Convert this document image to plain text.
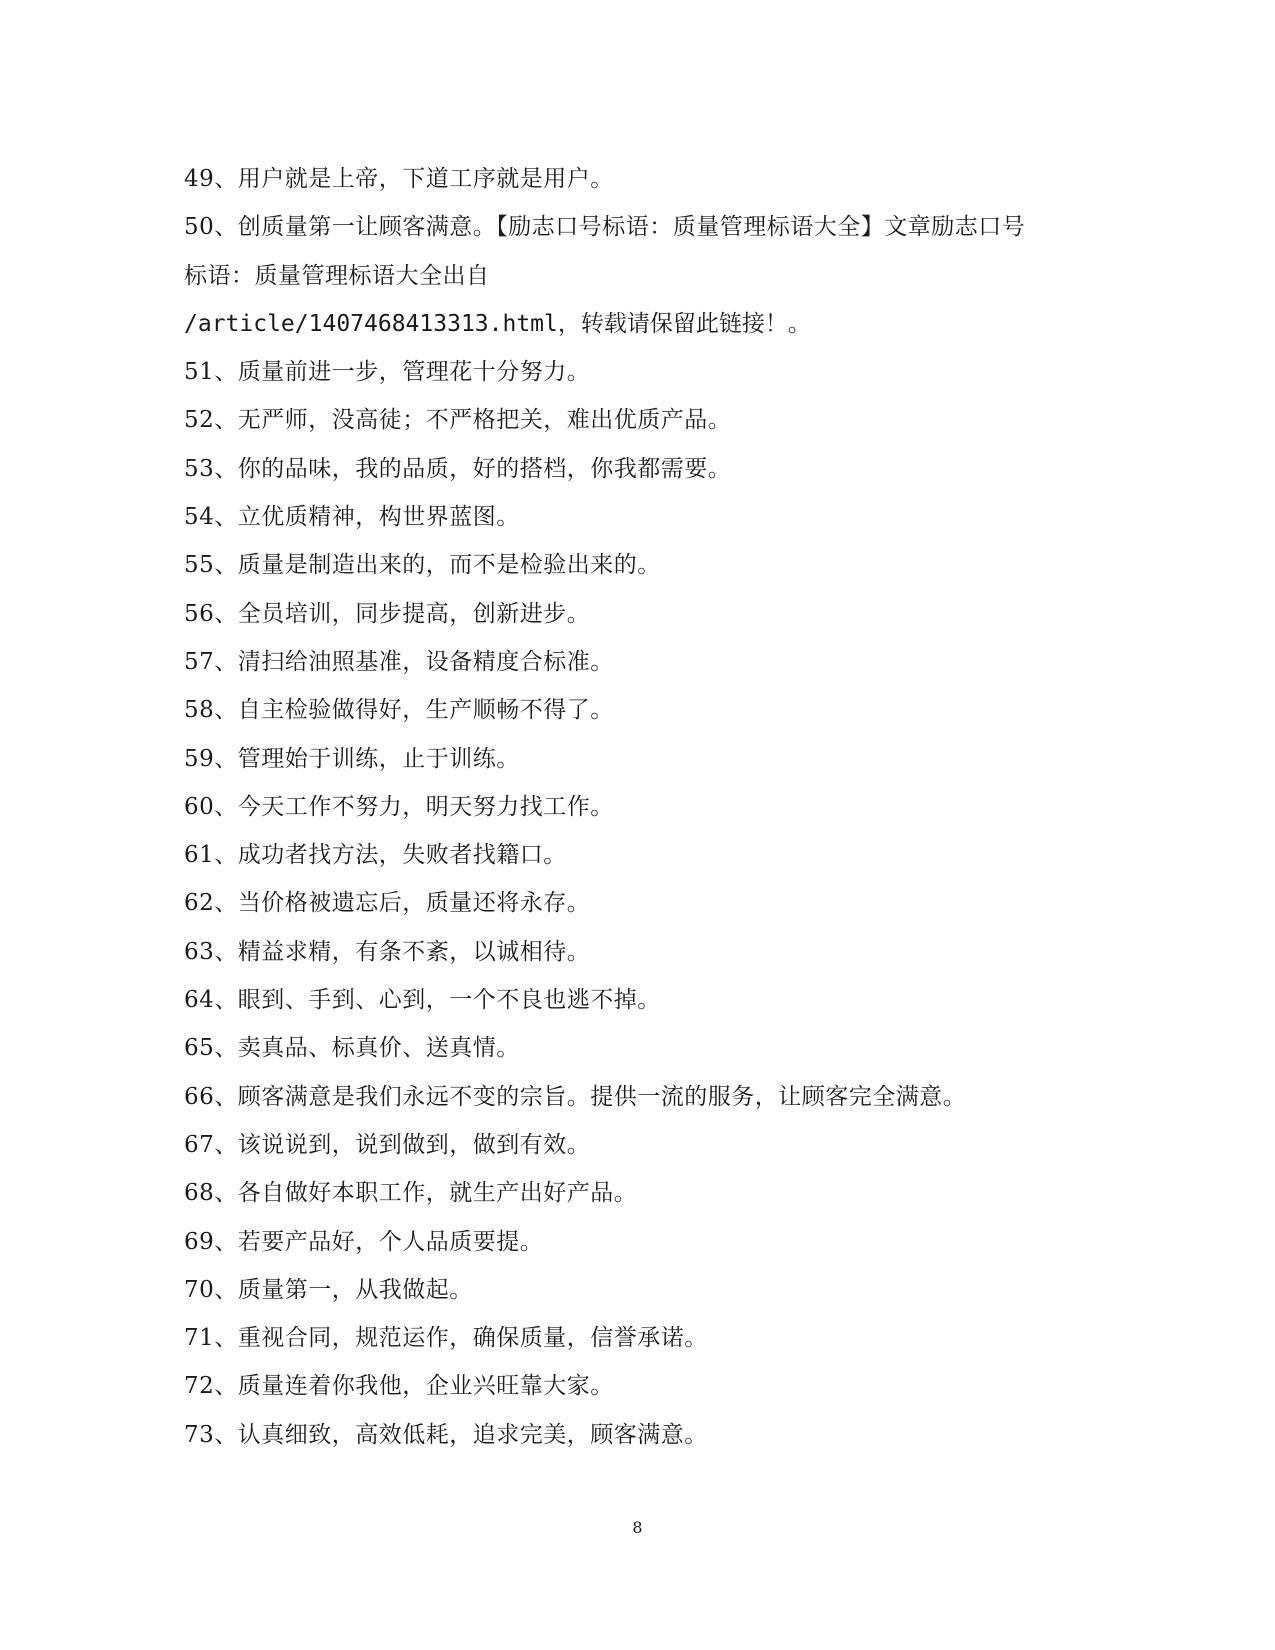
49、用户就是上帝，下道工序就是用户。
50、创质量第一让顾客满意。【励志口号标语：质量管理标语大全】文章励志口号
标语：质量管理标语大全出自
/article/1407468413313.html，转载请保留此链接！。
51、质量前进一步，管理花十分努力。
52、无严师，没高徒；不严格把关，难出优质产品。
53、你的品味，我的品质，好的搭档，你我都需要。
54、立优质精神，构世界蓝图。
55、质量是制造出来的，而不是检验出来的。
56、全员培训，同步提高，创新进步。
57、清扫给油照基准，设备精度合标准。
58、自主检验做得好，生产顺畅不得了。
59、管理始于训练，止于训练。
60、今天工作不努力，明天努力找工作。
61、成功者找方法，失败者找籍口。
62、当价格被遗忘后，质量还将永存。
63、精益求精，有条不紊，以诚相待。
64、眼到、手到、心到，一个不良也逃不掉。
65、卖真品、标真价、送真情。
66、顾客满意是我们永远不变的宗旨。提供一流的服务，让顾客完全满意。
67、该说说到，说到做到，做到有效。
68、各自做好本职工作，就生产出好产品。
69、若要产品好，个人品质要提。
70、质量第一，从我做起。
71、重视合同，规范运作，确保质量，信誉承诺。
72、质量连着你我他，企业兴旺靠大家。
73、认真细致，高效低耗，追求完美，顾客满意。
8
